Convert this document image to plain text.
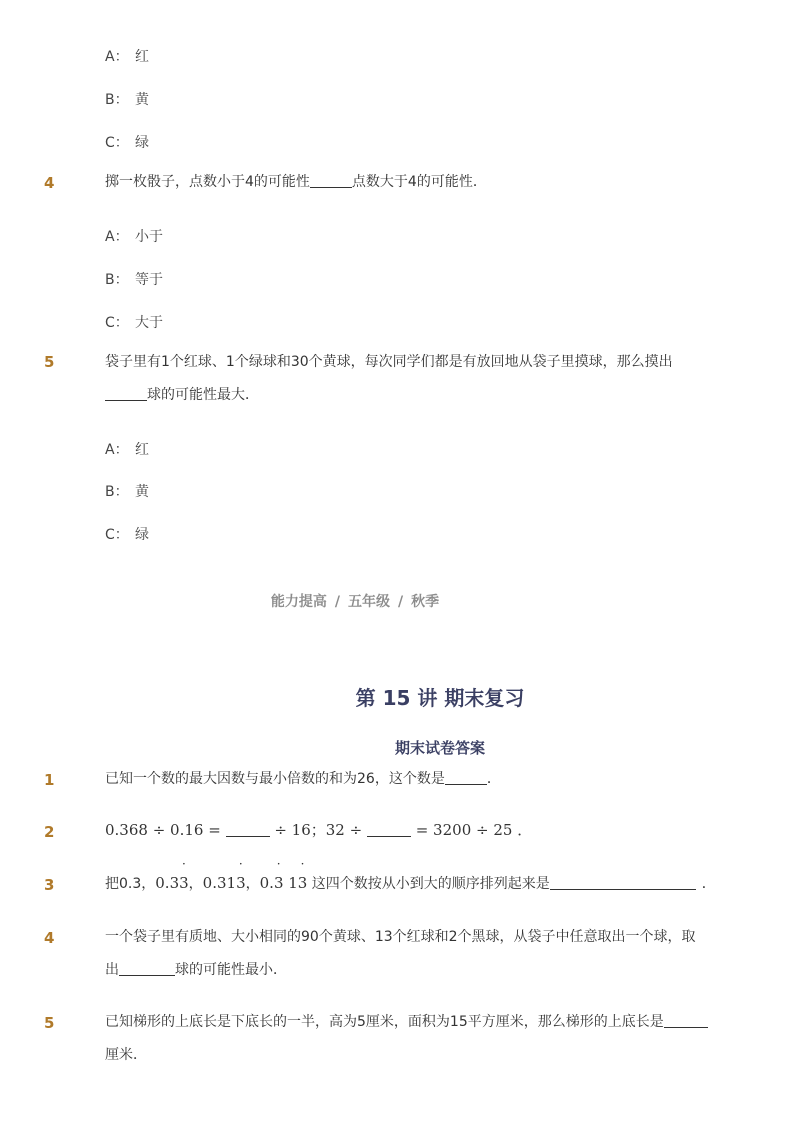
A： 红
B： 黄
C： 绿
4	掷一枚骰子，点数小于4的可能性	点数大于4的可能性．
A： 小于
B： 等于
C： 大于
5	袋子里有1个红球、1个绿球和30个黄球，每次同学们都是有放回地从袋子里摸球，那么摸出
球的可能性最大．
A： 红
B： 黄
C： 绿
能力提高 / 五年级 / 秋季
第 15 讲 期末复习
期末试卷答案
1	已知一个数的最大因数与最小倍数的和为26，这个数是	．
2	0.368 ÷ 0.16 =	÷ 16；32 ÷	= 3200 ÷ 25 ．
3	把0.3，0.33 ·，0.313 ·，0.3 · 13 · 这四个数按从小到大的顺序排列起来是	．
4	一个袋子里有质地、大小相同的90个黄球、13个红球和2个黑球，从袋子中任意取出一个球，取
出	球的可能性最小．
5	已知梯形的上底长是下底长的一半，高为5厘米，面积为15平方厘米，那么梯形的上底长是
厘米．
